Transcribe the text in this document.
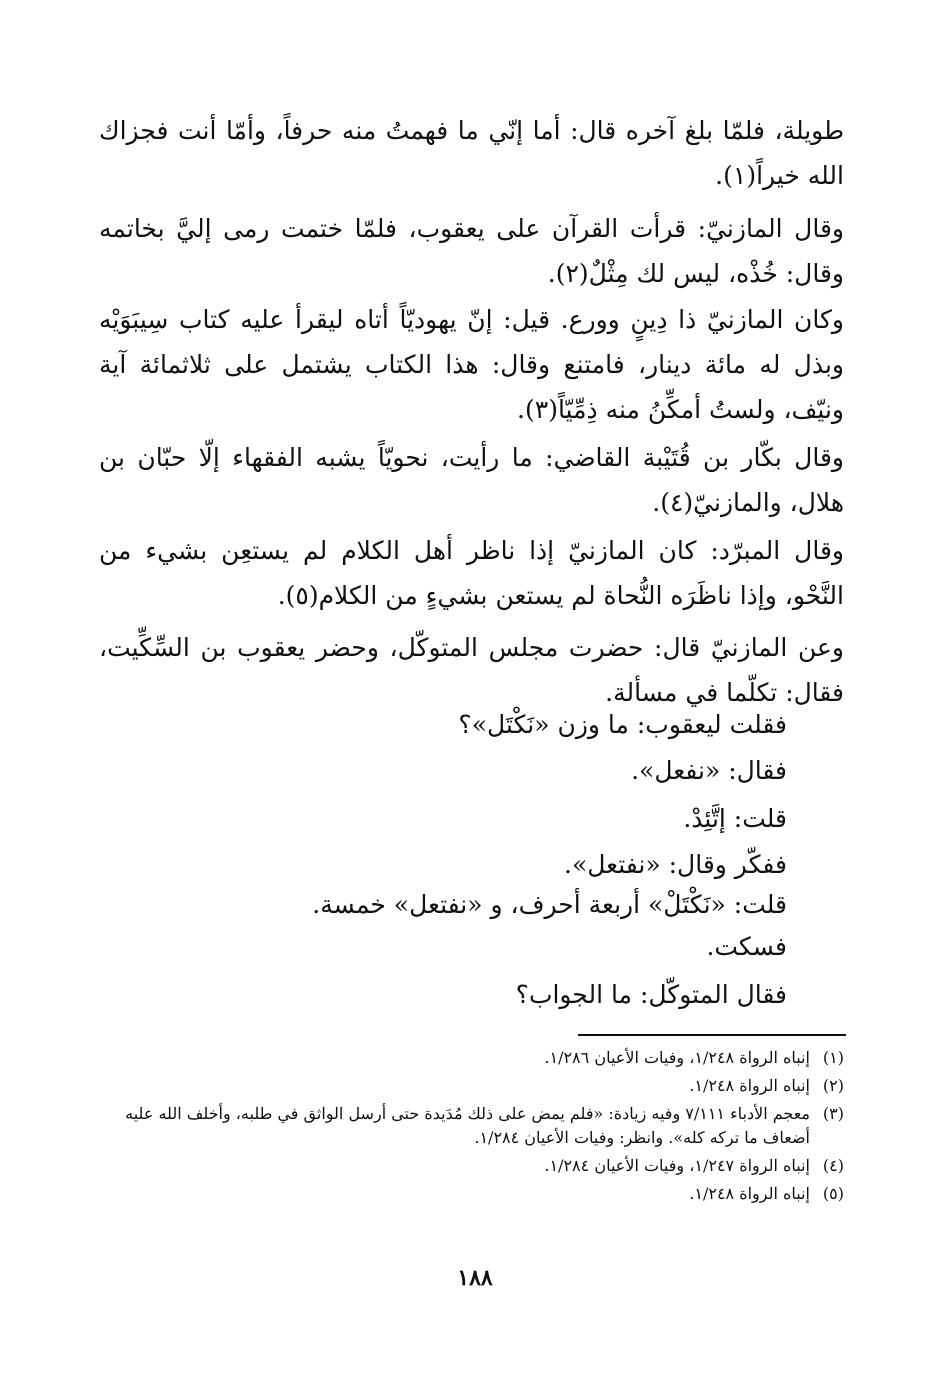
طويلة، فلمّا بلغ آخره قال: أما إنّي ما فهمتُ منه حرفاً، وأمّا أنت فجزاك الله خيراً(١).

وقال المازنيّ: قرأت القرآن على يعقوب، فلمّا ختمت رمى إليَّ بخاتمه وقال: خُذْه، ليس لك مِثْلٌ(٢).

وكان المازنيّ ذا دِينٍ وورع. قيل: إنّ يهوديّاً أتاه ليقرأ عليه كتاب سِيبَوَيْه وبذل له مائة دينار، فامتنع وقال: هذا الكتاب يشتمل على ثلاثمائة آية ونيّف، ولستُ أمكِّنُ منه ذِمِّيّاً(٣).

وقال بكّار بن قُتَيْبة القاضي: ما رأيت، نحويّاً يشبه الفقهاء إلّا حبّان بن هلال، والمازنيّ(٤).

وقال المبرّد: كان المازنيّ إذا ناظر أهل الكلام لم يستعِن بشيء من النَّحْو، وإذا ناظَرَه النُّحاة لم يستعن بشيءٍ من الكلام(٥).

وعن المازنيّ قال: حضرت مجلس المتوكّل، وحضر يعقوب بن السِّكِّيت، فقال: تكلّما في مسألة.

فقلت ليعقوب: ما وزن «نَكْتَل»؟
فقال: «نفعل».
قلت: إتَّئِدْ.
ففكّر وقال: «نفتعل».
قلت: «نَكْتَلْ» أربعة أحرف، و «نفتعل» خمسة.
فسكت.
فقال المتوكّل: ما الجواب؟

(١)
إنباه الرواة ١/٢٤٨، وفيات الأعيان ١/٢٨٦.

(٢)
إنباه الرواة ١/٢٤٨.

(٣)
معجم الأدباء ٧/١١١ وفيه زيادة: «فلم يمض على ذلك مُدَيدة حتى أرسل الواثق في طلبه، وأخلف الله عليه أضعاف ما تركه كله». وانظر: وفيات الأعيان ١/٢٨٤.

(٤)
إنباه الرواة ١/٢٤٧، وفيات الأعيان ١/٢٨٤.

(٥)
إنباه الرواة ١/٢٤٨.

١٨٨
